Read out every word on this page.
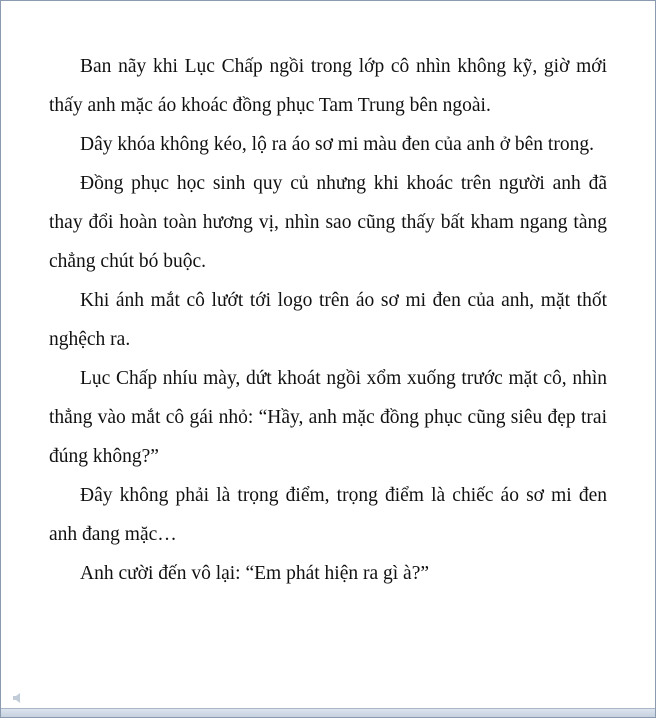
Ban nãy khi Lục Chấp ngồi trong lớp cô nhìn không kỹ, giờ mới thấy anh mặc áo khoác đồng phục Tam Trung bên ngoài.

Dây khóa không kéo, lộ ra áo sơ mi màu đen của anh ở bên trong.

Đồng phục học sinh quy củ nhưng khi khoác trên người anh đã thay đổi hoàn toàn hương vị, nhìn sao cũng thấy bất kham ngang tàng chẳng chút bó buộc.

Khi ánh mắt cô lướt tới logo trên áo sơ mi đen của anh, mặt thốt nghệch ra.

Lục Chấp nhíu mày, dứt khoát ngồi xổm xuống trước mặt cô, nhìn thẳng vào mắt cô gái nhỏ: “Hầy, anh mặc đồng phục cũng siêu đẹp trai đúng không?”

Đây không phải là trọng điểm, trọng điểm là chiếc áo sơ mi đen anh đang mặc…

Anh cười đến vô lại: “Em phát hiện ra gì à?”
